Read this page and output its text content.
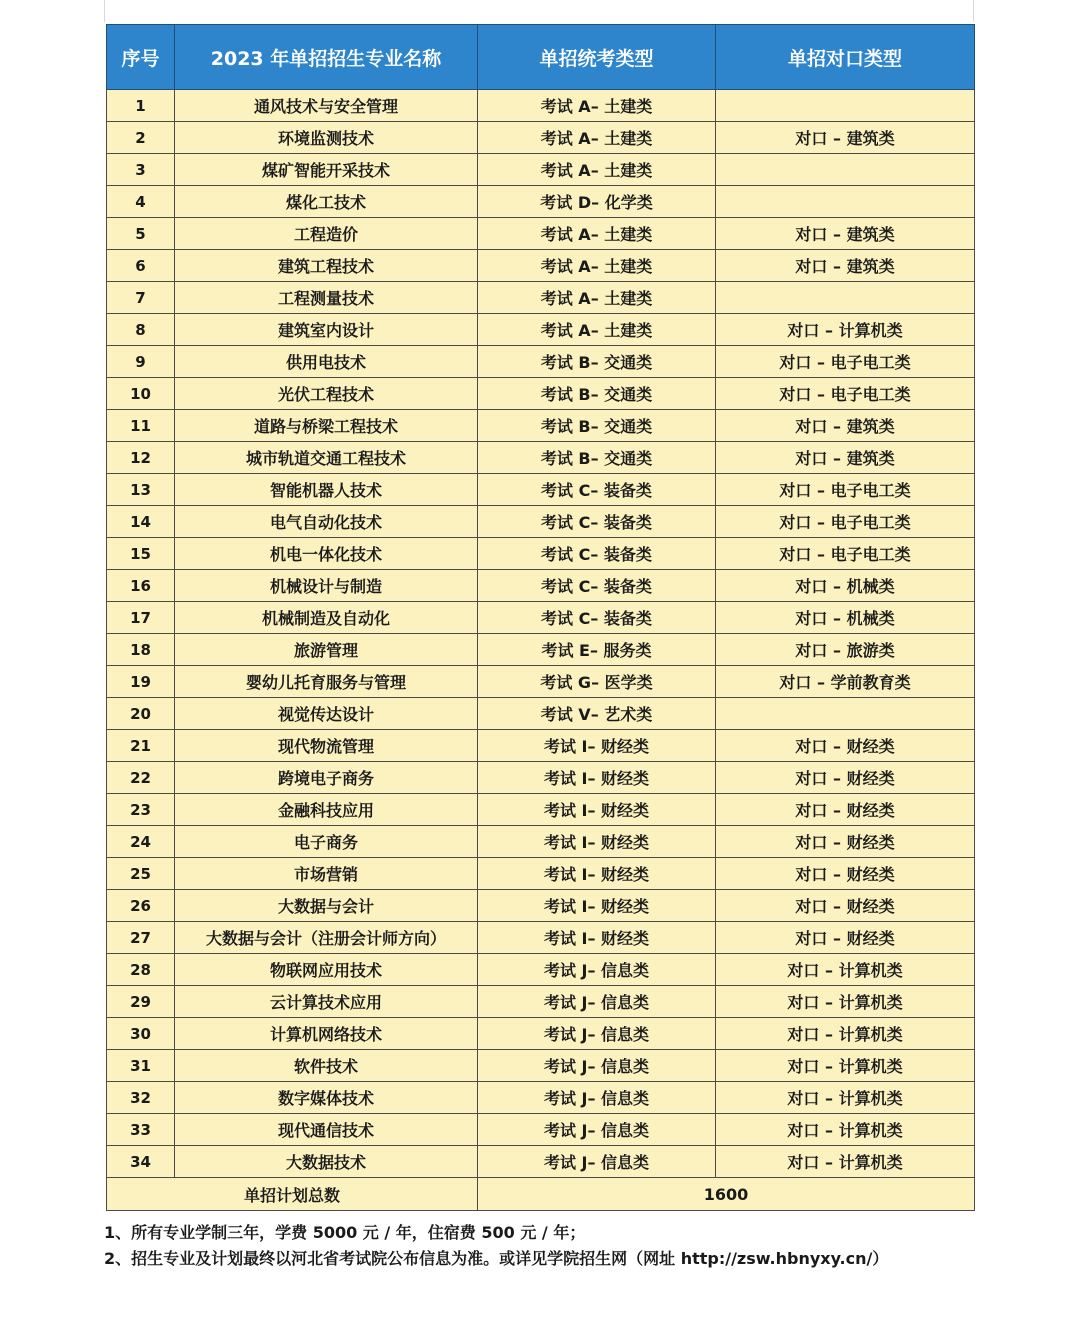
序号	2023 年单招招生专业名称	单招统考类型	单招对口类型
1	通风技术与安全管理	考试 A– 土建类	
2	环境监测技术	考试 A– 土建类	对口 – 建筑类
3	煤矿智能开采技术	考试 A– 土建类	
4	煤化工技术	考试 D– 化学类	
5	工程造价	考试 A– 土建类	对口 – 建筑类
6	建筑工程技术	考试 A– 土建类	对口 – 建筑类
7	工程测量技术	考试 A– 土建类	
8	建筑室内设计	考试 A– 土建类	对口 – 计算机类
9	供用电技术	考试 B– 交通类	对口 – 电子电工类
10	光伏工程技术	考试 B– 交通类	对口 – 电子电工类
11	道路与桥梁工程技术	考试 B– 交通类	对口 – 建筑类
12	城市轨道交通工程技术	考试 B– 交通类	对口 – 建筑类
13	智能机器人技术	考试 C– 装备类	对口 – 电子电工类
14	电气自动化技术	考试 C– 装备类	对口 – 电子电工类
15	机电一体化技术	考试 C– 装备类	对口 – 电子电工类
16	机械设计与制造	考试 C– 装备类	对口 – 机械类
17	机械制造及自动化	考试 C– 装备类	对口 – 机械类
18	旅游管理	考试 E– 服务类	对口 – 旅游类
19	婴幼儿托育服务与管理	考试 G– 医学类	对口 – 学前教育类
20	视觉传达设计	考试 V– 艺术类	
21	现代物流管理	考试 I– 财经类	对口 – 财经类
22	跨境电子商务	考试 I– 财经类	对口 – 财经类
23	金融科技应用	考试 I– 财经类	对口 – 财经类
24	电子商务	考试 I– 财经类	对口 – 财经类
25	市场营销	考试 I– 财经类	对口 – 财经类
26	大数据与会计	考试 I– 财经类	对口 – 财经类
27	大数据与会计（注册会计师方向）	考试 I– 财经类	对口 – 财经类
28	物联网应用技术	考试 J– 信息类	对口 – 计算机类
29	云计算技术应用	考试 J– 信息类	对口 – 计算机类
30	计算机网络技术	考试 J– 信息类	对口 – 计算机类
31	软件技术	考试 J– 信息类	对口 – 计算机类
32	数字媒体技术	考试 J– 信息类	对口 – 计算机类
33	现代通信技术	考试 J– 信息类	对口 – 计算机类
34	大数据技术	考试 J– 信息类	对口 – 计算机类
单招计划总数		1600	
1、所有专业学制三年，学费 5000 元 / 年，住宿费 500 元 / 年；
2、招生专业及计划最终以河北省考试院公布信息为准。或详见学院招生网（网址 http://zsw.hbnyxy.cn/）
